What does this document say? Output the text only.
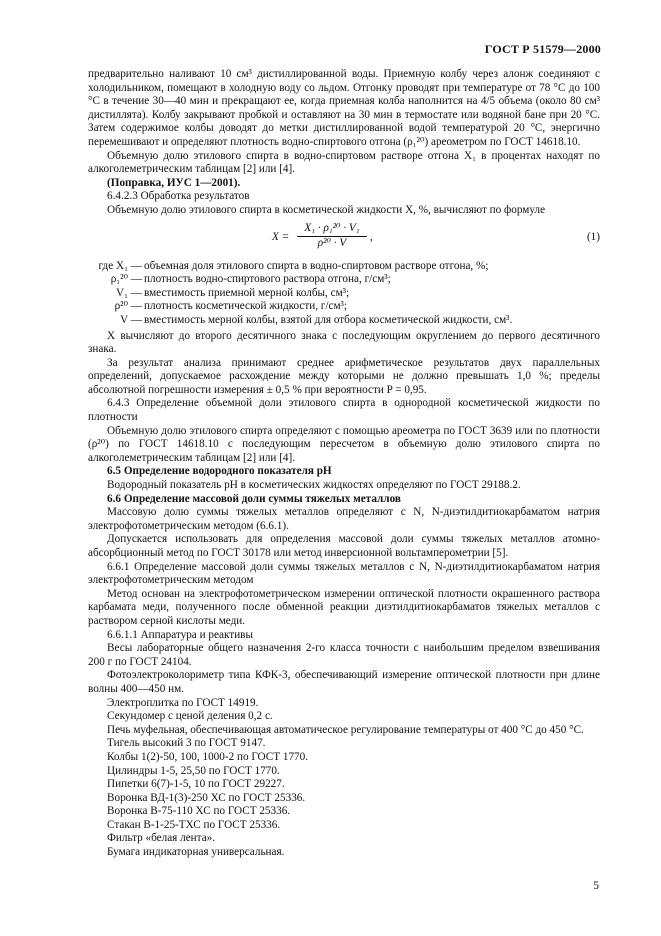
ГОСТ Р 51579—2000

предварительно наливают 10 см³ дистиллированной воды. Приемную колбу через алонж соединяют с холодильником, помещают в холодную воду со льдом. Отгонку проводят при температуре от 78 °С до 100 °С в течение 30—40 мин и прекращают ее, когда приемная колба наполнится на 4/5 объема (около 80 см³ дистиллята). Колбу закрывают пробкой и оставляют на 30 мин в термостате или водяной бане при 20 °С. Затем содержимое колбы доводят до метки дистиллированной водой температурой 20 °С, энергично перемешивают и определяют плотность водно-спиртового отгона (ρ₁²⁰) ареометром по ГОСТ 14618.10.

Объемную долю этилового спирта в водно-спиртовом растворе отгона X₁ в процентах находят по алкоголеметрическим таблицам [2] или [4].

(Поправка, ИУС 1—2001).

6.4.2.3 Обработка результатов

Объемную долю этилового спирта в косметической жидкости X, %, вычисляют по формуле

$X = \frac{\text{X₁ · ρ₁²⁰ · V₁}}{\text{ρ²⁰ · V}}$ ,	(1)
где X₁ — объемная доля этилового спирта в водно-спиртовом растворе отгона, %;
ρ₁²⁰ — плотность водно-спиртового раствора отгона, г/см³;
V₁ — вместимость приемной мерной колбы, см³;
ρ²⁰ — плотность косметической жидкости, г/см³;
V — вместимость мерной колбы, взятой для отбора косметической жидкости, см³.

X вычисляют до второго десятичного знака с последующим округлением до первого десятичного знака.

За результат анализа принимают среднее арифметическое результатов двух параллельных определений, допускаемое расхождение между которыми не должно превышать 1,0 %; пределы абсолютной погрешности измерения ± 0,5 % при вероятности P = 0,95.

6.4.3 Определение объемной доли этилового спирта в однородной косметической жидкости по плотности

Объемную долю этилового спирта определяют с помощью ареометра по ГОСТ 3639 или по плотности (ρ²⁰) по ГОСТ 14618.10 с последующим пересчетом в объемную долю этилового спирта по алкоголеметрическим таблицам [2] или [4].

6.5 Определение водородного показателя pH

Водородный показатель pH в косметических жидкостях определяют по ГОСТ 29188.2.

6.6 Определение массовой доли суммы тяжелых металлов

Массовую долю суммы тяжелых металлов определяют с N, N-диэтилдитиокарбаматом натрия электрофотометрическим методом (6.6.1).

Допускается использовать для определения массовой доли суммы тяжелых металлов атомно-абсорбционный метод по ГОСТ 30178 или метод инверсионной вольтамперометрии [5].

6.6.1 Определение массовой доли суммы тяжелых металлов с N, N-диэтилдитиокарбаматом натрия электрофотометрическим методом

Метод основан на электрофотометрическом измерении оптической плотности окрашенного раствора карбамата меди, полученного после обменной реакции диэтилдитиокарбаматов тяжелых металлов с раствором серной кислоты меди.

6.6.1.1 Аппаратура и реактивы

Весы лабораторные общего назначения 2-го класса точности с наибольшим пределом взвешивания 200 г по ГОСТ 24104.

Фотоэлектроколориметр типа КФК-3, обеспечивающий измерение оптической плотности при длине волны 400—450 нм.

Электроплитка по ГОСТ 14919.

Секундомер с ценой деления 0,2 с.

Печь муфельная, обеспечивающая автоматическое регулирование температуры от 400 °С до 450 °С.

Тигель высокий 3 по ГОСТ 9147.

Колбы 1(2)-50, 100, 1000-2 по ГОСТ 1770.

Цилиндры 1-5, 25,50 по ГОСТ 1770.

Пипетки 6(7)-1-5, 10 по ГОСТ 29227.

Воронка ВД-1(3)-250 ХС по ГОСТ 25336.

Воронка В-75-110 ХС по ГОСТ 25336.

Стакан В-1-25-ТХС по ГОСТ 25336.

Фильтр «белая лента».

Бумага индикаторная универсальная.

5
